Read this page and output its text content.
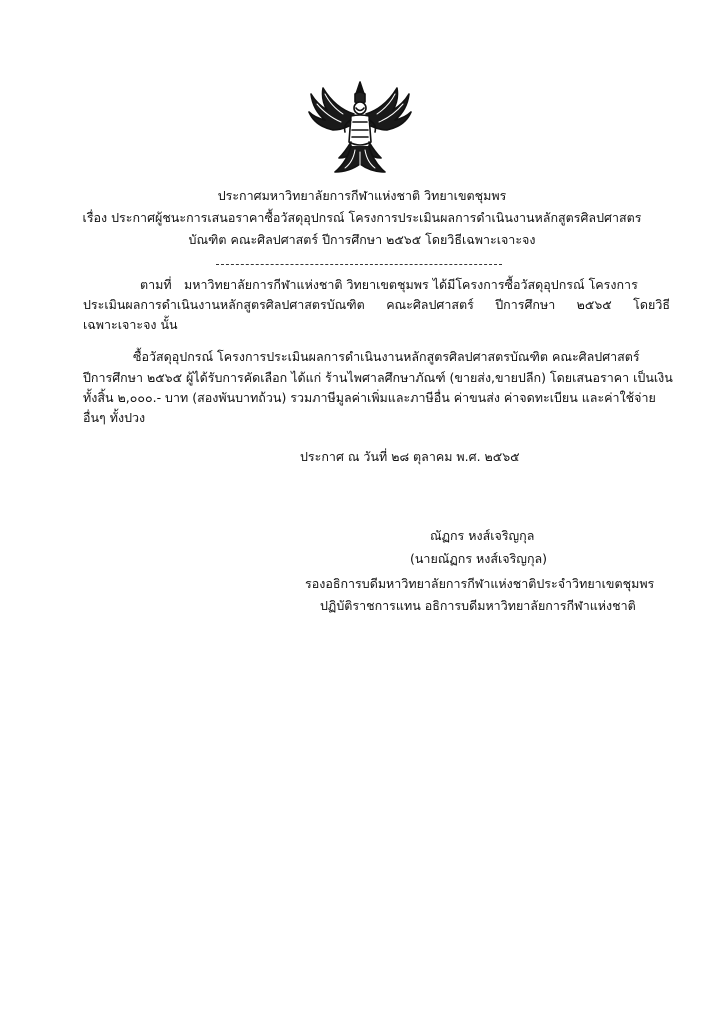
ประกาศมหาวิทยาลัยการกีฬาแห่งชาติ วิทยาเขตชุมพร
เรื่อง ประกาศผู้ชนะการเสนอราคาซื้อวัสดุอุปกรณ์ โครงการประเมินผลการดำเนินงานหลักสูตรศิลปศาสตร
บัณฑิต คณะศิลปศาสตร์ ปีการศึกษา ๒๕๖๕ โดยวิธีเฉพาะเจาะจง
ตามที่ มหาวิทยาลัยการกีฬาแห่งชาติ วิทยาเขตชุมพร ได้มีโครงการซื้อวัสดุอุปกรณ์ โครงการ
ประเมินผลการดำเนินงานหลักสูตรศิลปศาสตรบัณฑิต คณะศิลปศาสตร์ ปีการศึกษา ๒๕๖๕ โดยวิธี
เฉพาะเจาะจง นั้น
ซื้อวัสดุอุปกรณ์ โครงการประเมินผลการดำเนินงานหลักสูตรศิลปศาสตรบัณฑิต คณะศิลปศาสตร์
ปีการศึกษา ๒๕๖๕ ผู้ได้รับการคัดเลือก ได้แก่ ร้านไพศาลศึกษาภัณฑ์ (ขายส่ง,ขายปลีก) โดยเสนอราคา เป็นเงิน
ทั้งสิ้น ๒,๐๐๐.- บาท (สองพันบาทถ้วน) รวมภาษีมูลค่าเพิ่มและภาษีอื่น ค่าขนส่ง ค่าจดทะเบียน และค่าใช้จ่าย
อื่นๆ ทั้งปวง
ประกาศ ณ วันที่ ๒๘ ตุลาคม พ.ศ. ๒๕๖๕
ณัฏกร หงส์เจริญกุล
(นายณัฏกร หงส์เจริญกุล)
รองอธิการบดีมหาวิทยาลัยการกีฬาแห่งชาติประจำวิทยาเขตชุมพร
ปฏิบัติราชการแทน อธิการบดีมหาวิทยาลัยการกีฬาแห่งชาติ
